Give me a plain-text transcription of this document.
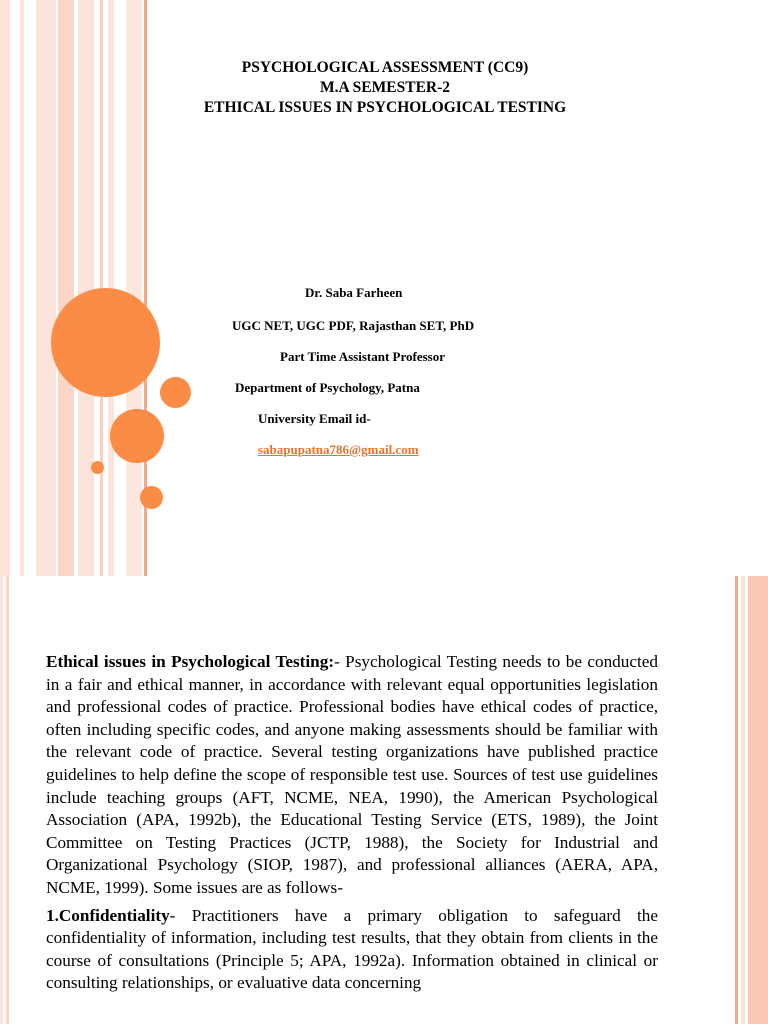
PSYCHOLOGICAL ASSESSMENT (CC9)
M.A SEMESTER-2
ETHICAL ISSUES IN PSYCHOLOGICAL TESTING
Dr. Saba Farheen
UGC NET, UGC PDF, Rajasthan SET, PhD
Part Time Assistant Professor
Department of Psychology, Patna
University Email id-
sabapupatna786@gmail.com

Ethical issues in Psychological Testing:- Psychological Testing needs to be conducted in a fair and ethical manner, in accordance with relevant equal opportunities legislation and professional codes of practice. Professional bodies have ethical codes of practice, often including specific codes, and anyone making assessments should be familiar with the relevant code of practice. Several testing organizations have published practice guidelines to help define the scope of responsible test use. Sources of test use guidelines include teaching groups (AFT, NCME, NEA, 1990), the American Psychological Association (APA, 1992b), the Educational Testing Service (ETS, 1989), the Joint Committee on Testing Practices (JCTP, 1988), the Society for Industrial and Organizational Psychology (SIOP, 1987), and professional alliances (AERA, APA, NCME, 1999). Some issues are as follows-

1.Confidentiality- Practitioners have a primary obligation to safeguard the confidentiality of information, including test results, that they obtain from clients in the course of consultations (Principle 5; APA, 1992a). Information obtained in clinical or consulting relationships, or evaluative data concerning
